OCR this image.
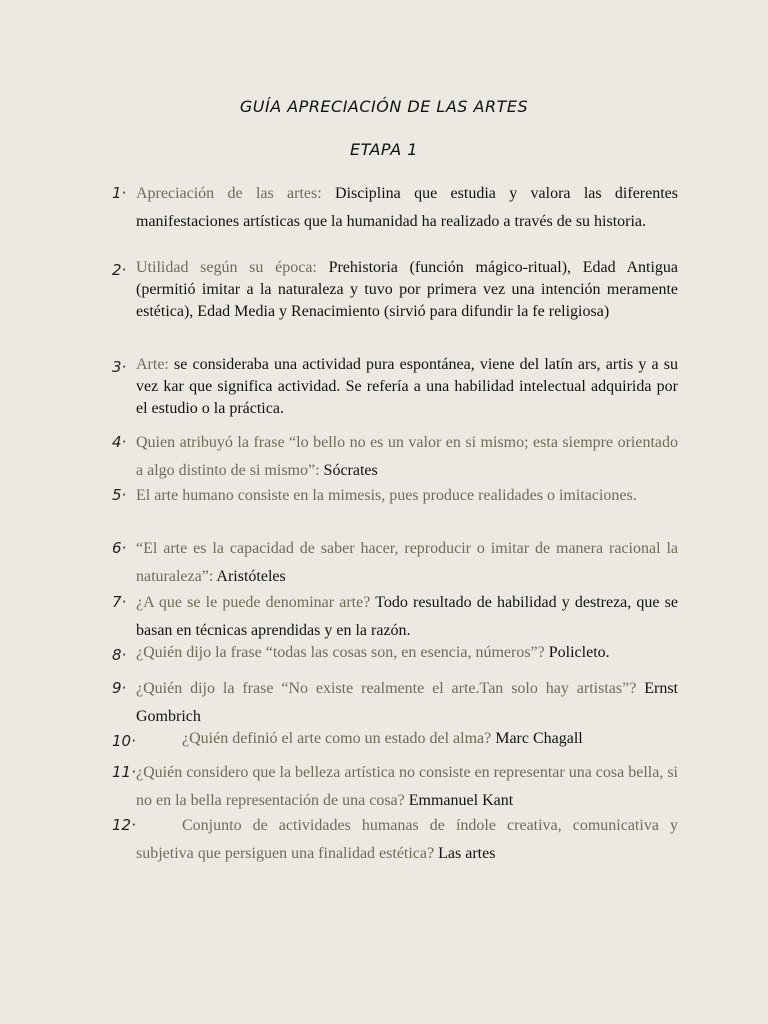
GUÍA APRECIACIÓN DE LAS ARTES
ETAPA 1
1· Apreciación de las artes: Disciplina que estudia y valora las diferentes manifestaciones artísticas que la humanidad ha realizado a través de su historia.
2· Utilidad según su época: Prehistoria (función mágico-ritual), Edad Antigua (permitió imitar a la naturaleza y tuvo por primera vez una intención meramente estética), Edad Media y Renacimiento (sirvió para difundir la fe religiosa)
3· Arte: se consideraba una actividad pura espontánea, viene del latín ars, artis y a su vez kar que significa actividad. Se refería a una habilidad intelectual adquirida por el estudio o la práctica.
4· Quien atribuyó la frase “lo bello no es un valor en si mismo; esta siempre orientado a algo distinto de si mismo”: Sócrates
5· El arte humano consiste en la mimesis, pues produce realidades o imitaciones.
6· “El arte es la capacidad de saber hacer, reproducir o imitar de manera racional la naturaleza”: Aristóteles
7· ¿A que se le puede denominar arte? Todo resultado de habilidad y destreza, que se basan en técnicas aprendidas y en la razón.
8· ¿Quién dijo la frase “todas las cosas son, en esencia, números”? Policleto.
9· ¿Quién dijo la frase “No existe realmente el arte.Tan solo hay artistas”? Ernst Gombrich
10·	¿Quién definió el arte como un estado del alma? Marc Chagall
11· ¿Quién considero que la belleza artística no consiste en representar una cosa bella, si no en la bella representación de una cosa? Emmanuel Kant
12·	Conjunto de actividades humanas de índole creativa, comunicativa y subjetiva que persiguen una finalidad estética? Las artes
